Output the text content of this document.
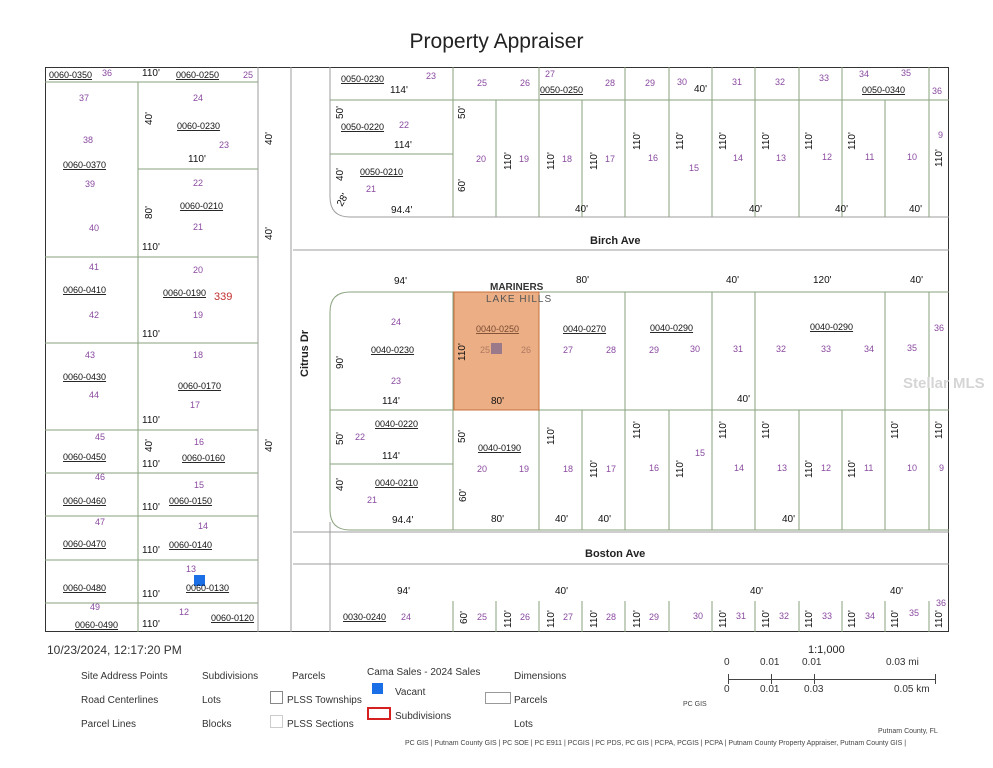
Property Appraiser
Birch Ave
Boston Ave
Citrus Dr
MARINERS
LAKE HILLS
339
0060-0350	0060-0250
0060-0230
0060-0370
0060-0210
0060-0410	0060-0190
0060-0430
0060-0170
0060-0450	0060-0160
0060-0460	0060-0150
0060-0470	0060-0140
0060-0480	0060-0130
0060-0490
0060-0120
0050-0230
0050-0250	0050-0340
0050-0220
0050-0210
0040-0230
0040-0250	0040-0270	0040-0290	0040-0290
0040-0220
0040-0190
0040-0210
0030-0240
36	25
37	24
38	23
39	22
21
40
41	20
42	19
43	18
44
17
45	16
46
15
47	14
13
49	12
23
25	26
27
28	29 30	31	32	33	34	35
36
22
21
20	19	18	17	16
15
14	13	12	11	10
9
24
23
25	26	27	28	29	30	31	32	33	34	35
36
22
21
20	19	18	17	16
15
14	13	12	11	10 9
24	25	26	27	28	29	30	31	32	33	34	35
36
110'
40'
110'
80'
110'
110'
110'
40'
110'
110'
110'
110'
40'
40'
40'
114'
50'	50'
114'
40'
60'
28'
94.4'	40'	40'	40'	40'
40'
110'	110'	110'
110'	110'	110'	110'	110'	110'
110'
94'	80'	40'	120'	40'
90'
110'
114'	80'	40'
110'	110'	110'	110'	110'	110'
50'	50'
114'
40'
60'
110'	110'	110'	110'
94.4'	80'	40'	40'	40'
94'	40'	40'	40'
60'	110'	110'	110'	110'	110'	110'	110'	110'	110'	110'
110'
Stellar MLS
10/23/2024, 12:17:20 PM	1:1,000
0	0.01 0.01	0.03 mi
0	0.01 0.03	0.05 km
PC GIS
Site Address Points
Road Centerlines
Parcel Lines
Subdivisions
Lots
Blocks
Parcels
PLSS Townships
PLSS Sections
Cama Sales - 2024 Sales
Vacant
Subdivisions
Dimensions
Parcels
Lots
Putnam County, FL
PC GIS | Putnam County GIS | PC SOE | PC E911 | PCGIS | PC PDS, PC GIS | PCPA, PCGIS | PCPA | Putnam County Property Appraiser, Putnam County GIS |
